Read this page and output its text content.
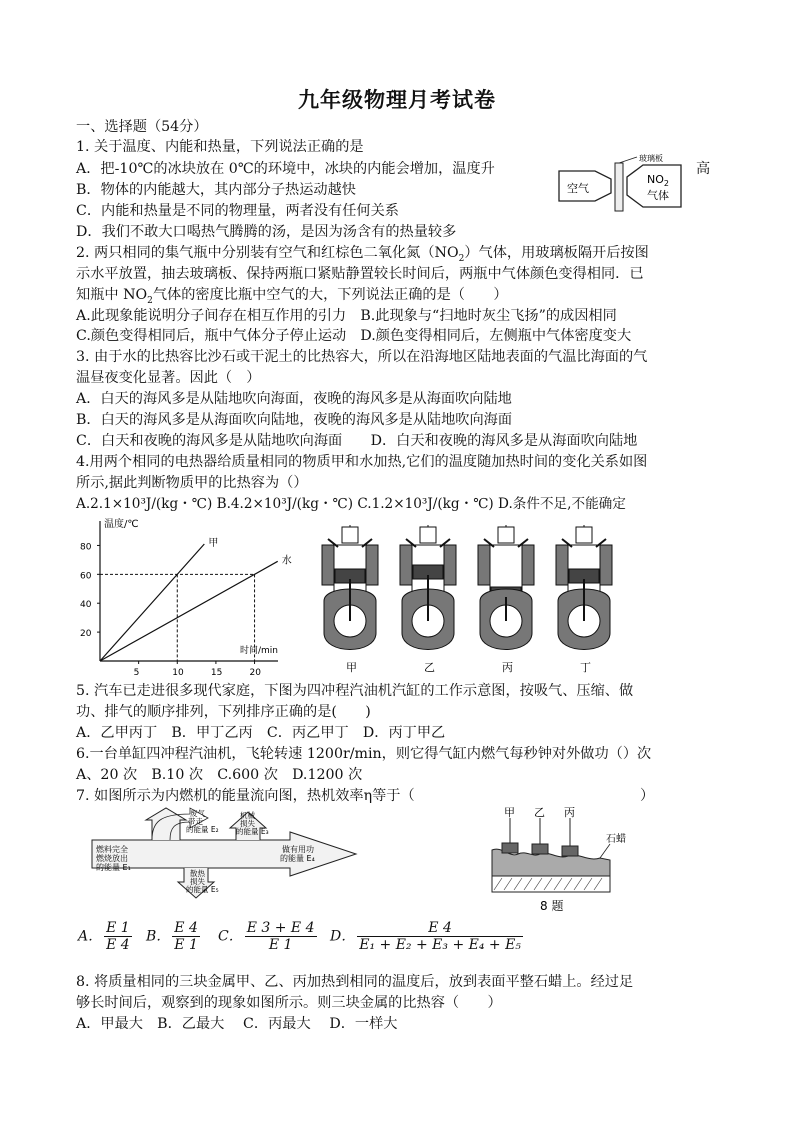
九年级物理月考试卷
一、选择题（54分）
1. 关于温度、内能和热量，下列说法正确的是
A．把-10℃的冰块放在 0℃的环境中，冰块的内能会增加，温度升	高
B．物体的内能越大，其内部分子热运动越快
C．内能和热量是不同的物理量，两者没有任何关系
D．我们不敢大口喝热气腾腾的汤，是因为汤含有的热量较多
空气
$NO_2$
气体
玻璃板
2. 两只相同的集气瓶中分别装有空气和红棕色二氧化氮$(NO_2)$气体，用玻璃板隔开后按图
示水平放置，抽去玻璃板、保持两瓶口紧贴静置较长时间后，两瓶中气体颜色变得相同．已
知瓶中 $NO_2$气体的密度比瓶中空气的大，下列说法正确的是（　　）
A.此现象能说明分子间存在相互作用的引力　B.此现象与“扫地时灰尘飞扬”的成因相同
C.颜色变得相同后，瓶中气体分子停止运动　D.颜色变得相同后，左侧瓶中气体密度变大
3. 由于水的比热容比沙石或干泥土的比热容大，所以在沿海地区陆地表面的气温比海面的气
温昼夜变化显著。因此（　）
A．白天的海风多是从陆地吹向海面，夜晚的海风多是从海面吹向陆地
B．白天的海风多是从海面吹向陆地，夜晚的海风多是从陆地吹向海面
C．白天和夜晚的海风多是从陆地吹向海面　　D．白天和夜晚的海风多是从海面吹向陆地
4.用两个相同的电热器给质量相同的物质甲和水加热,它们的温度随加热时间的变化关系如图
所示,据此判断物质甲的比热容为（）
A.2.1×10³J/(kg・℃) B.4.2×10³J/(kg・℃) C.1.2×10³J/(kg・℃) D.条件不足,不能确定
温度/℃
时间/min
20
40
60
80
5	10	15	20
甲
水
甲	乙	丙	丁
5. 汽车已走进很多现代家庭，下图为四冲程汽油机汽缸的工作示意图，按吸气、压缩、做
功、排气的顺序排列，下列排序正确的是(　　)
A．乙甲丙丁　B．甲丁乙丙　C．丙乙甲丁　D．丙丁甲乙
6.一台单缸四冲程汽油机，飞轮转速 1200r/min，则它得气缸内燃气每秒钟对外做功（）次
A、20 次　B.10 次　C.600 次　D.1200 次
7. 如图所示为内燃机的能量流向图，热机效率η等于（	）
燃料完全燃烧放出的能量 E₁
废气带走的能量 E₂
机械损失的能量 E₃
做有用功的能量 E₄
散热损失的能量 E₅
甲 乙 丙
石蜡
8 题
A． $\frac{E 1}{E 4}$ B． $\frac{E 4}{E 1}$ C． $\frac{E 3 + E 4}{E 1}$ D． $\frac{E 4}{\text{E₁ + E₂ + E₃ + E₄ + E₅}}$
8. 将质量相同的三块金属甲、乙、丙加热到相同的温度后，放到表面平整石蜡上。经过足
够长时间后，观察到的现象如图所示。则三块金属的比热容（　　）
A．甲最大　B．乙最大　 C．丙最大　 D．一样大
